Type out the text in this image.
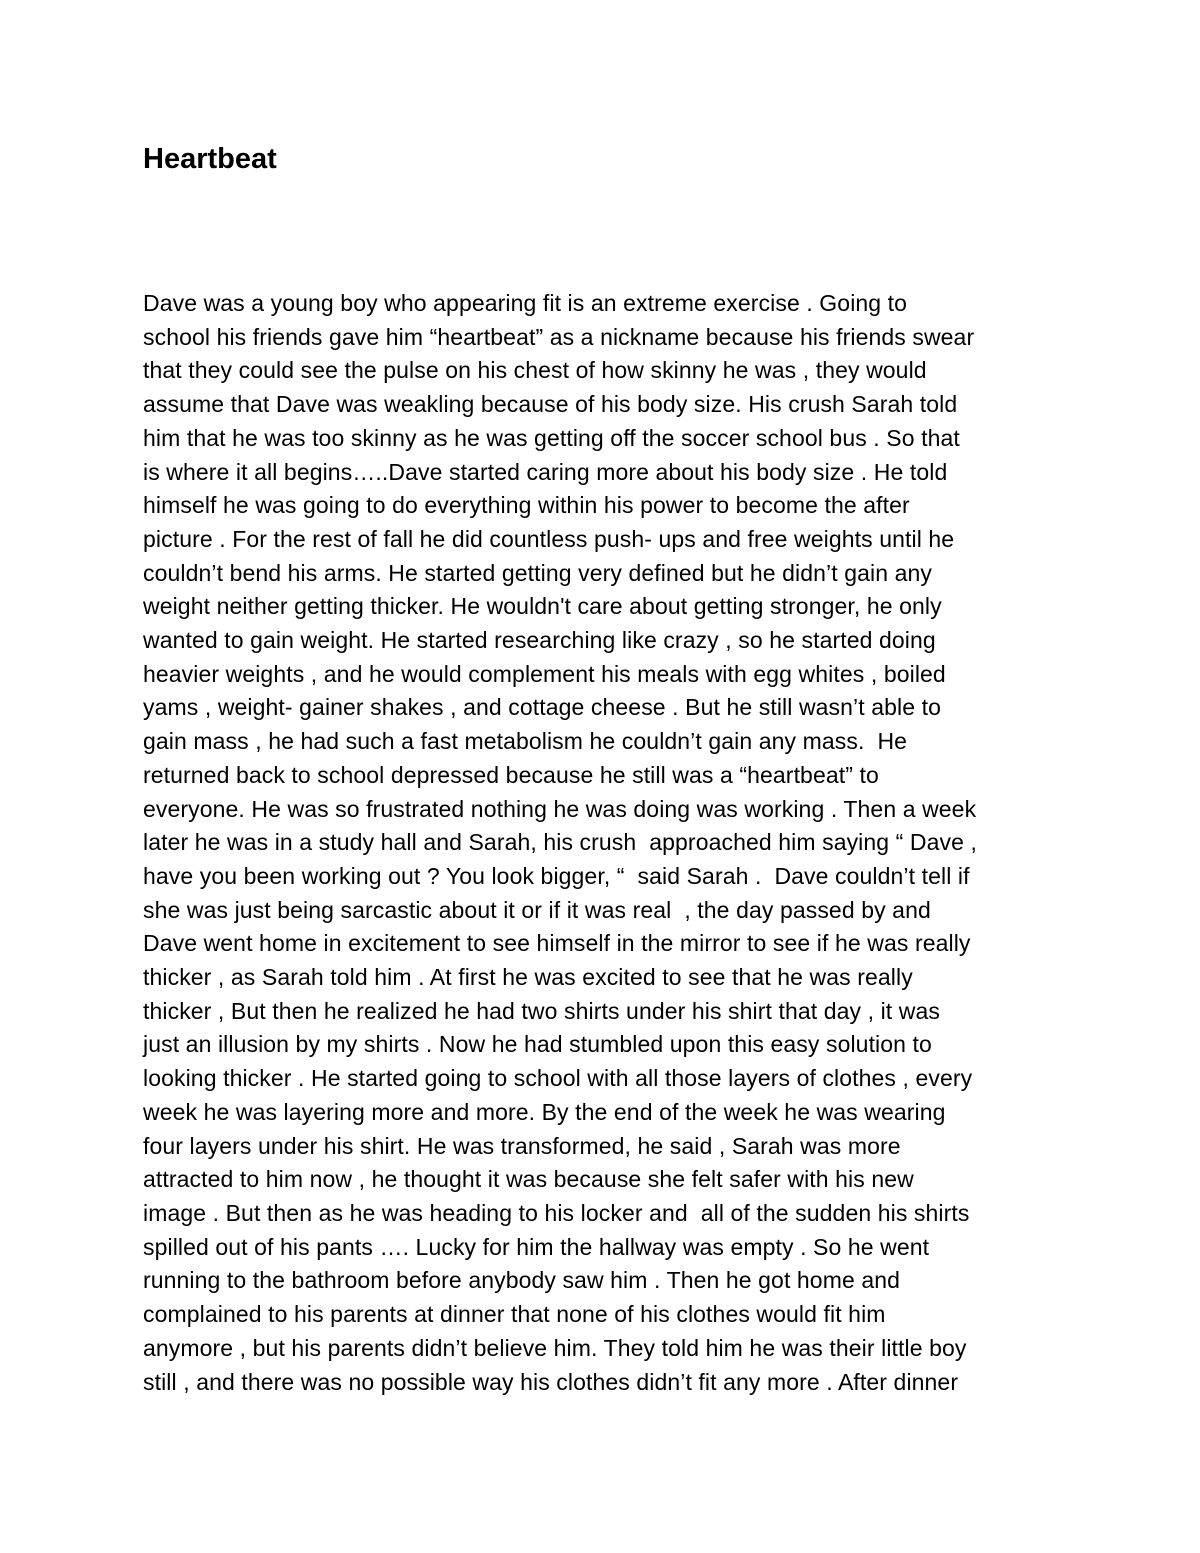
Heartbeat
Dave was a young boy who appearing fit is an extreme exercise . Going to
school his friends gave him “heartbeat” as a nickname because his friends swear
that they could see the pulse on his chest of how skinny he was , they would
assume that Dave was weakling because of his body size. His crush Sarah told
him that he was too skinny as he was getting off the soccer school bus . So that
is where it all begins…..Dave started caring more about his body size . He told
himself he was going to do everything within his power to become the after
picture . For the rest of fall he did countless push- ups and free weights until he
couldn’t bend his arms. He started getting very defined but he didn’t gain any
weight neither getting thicker. He wouldn't care about getting stronger, he only
wanted to gain weight. He started researching like crazy , so he started doing
heavier weights , and he would complement his meals with egg whites , boiled
yams , weight- gainer shakes , and cottage cheese . But he still wasn’t able to
gain mass , he had such a fast metabolism he couldn’t gain any mass.  He
returned back to school depressed because he still was a “heartbeat” to
everyone. He was so frustrated nothing he was doing was working . Then a week
later he was in a study hall and Sarah, his crush  approached him saying “ Dave ,
have you been working out ? You look bigger, “  said Sarah .  Dave couldn’t tell if
she was just being sarcastic about it or if it was real  , the day passed by and
Dave went home in excitement to see himself in the mirror to see if he was really
thicker , as Sarah told him . At first he was excited to see that he was really
thicker , But then he realized he had two shirts under his shirt that day , it was
just an illusion by my shirts . Now he had stumbled upon this easy solution to
looking thicker . He started going to school with all those layers of clothes , every
week he was layering more and more. By the end of the week he was wearing
four layers under his shirt. He was transformed, he said , Sarah was more
attracted to him now , he thought it was because she felt safer with his new
image . But then as he was heading to his locker and  all of the sudden his shirts
spilled out of his pants …. Lucky for him the hallway was empty . So he went
running to the bathroom before anybody saw him . Then he got home and
complained to his parents at dinner that none of his clothes would fit him
anymore , but his parents didn’t believe him. They told him he was their little boy
still , and there was no possible way his clothes didn’t fit any more . After dinner
